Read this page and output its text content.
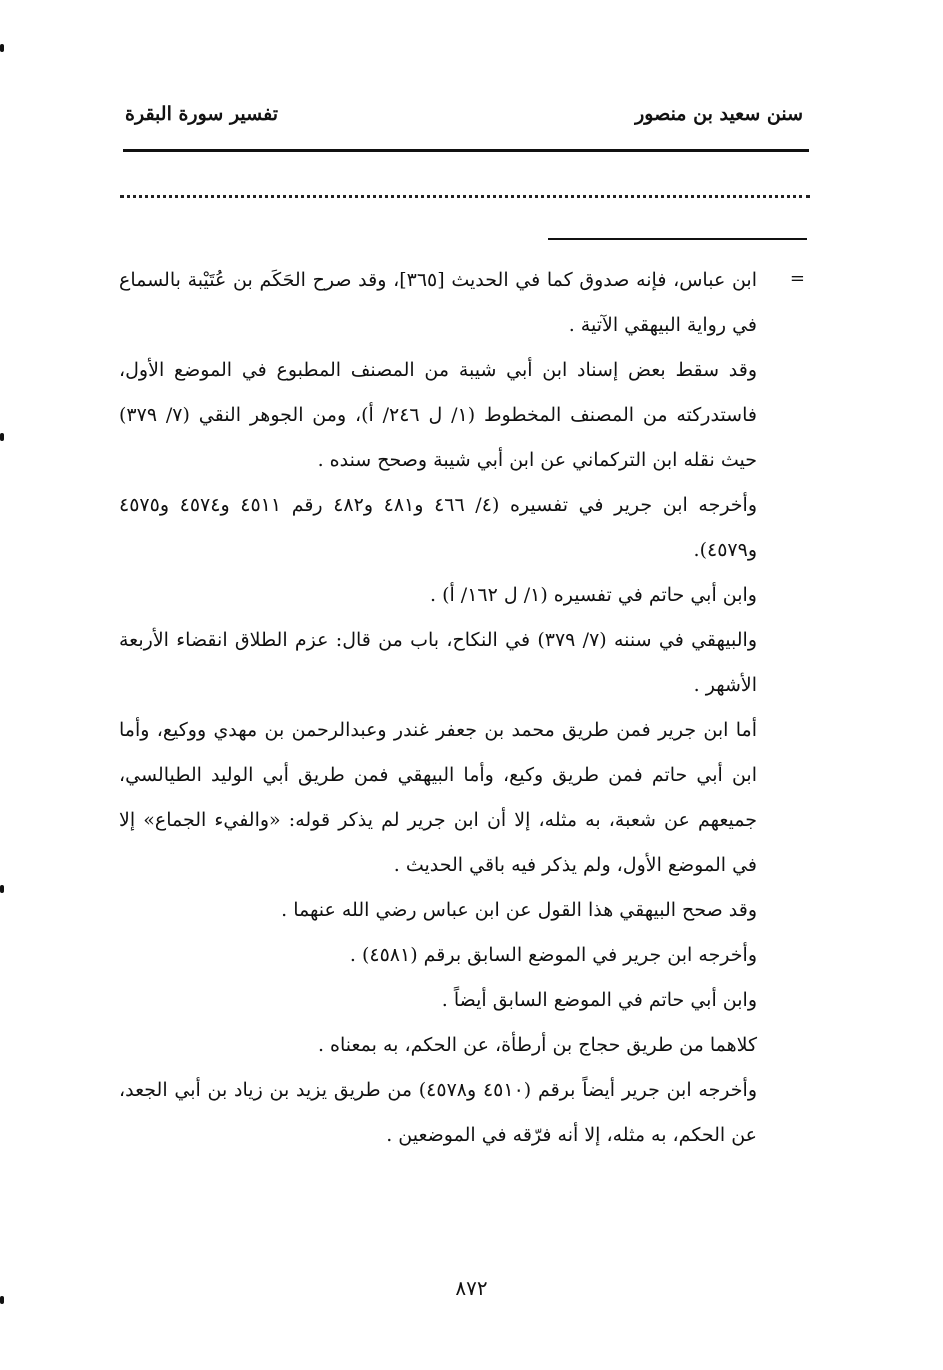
سنن سعيد بن منصور
تفسير سورة البقرة
=

ابن عباس، فإنه صدوق كما في الحديث [٣٦٥]، وقد صرح الحَكَم بن عُتَيْبة بالسماع في رواية البيهقي الآتية .

وقد سقط بعض إسناد ابن أبي شيبة من المصنف المطبوع في الموضع الأول، فاستدركته من المصنف المخطوط (١/ ل ٢٤٦/ أ)، ومن الجوهر النقي (٧/ ٣٧٩) حيث نقله ابن التركماني عن ابن أبي شيبة وصحح سنده .

وأخرجه ابن جرير في تفسيره (٤/ ٤٦٦ و٤٨١ و٤٨٢ رقم ٤٥١١ و٤٥٧٤ و٤٥٧٥ و٤٥٧٩).

وابن أبي حاتم في تفسيره (١/ ل ١٦٢/ أ) .

والبيهقي في سننه (٧/ ٣٧٩) في النكاح، باب من قال: عزم الطلاق انقضاء الأربعة الأشهر .

أما ابن جرير فمن طريق محمد بن جعفر غندر وعبدالرحمن بن مهدي ووكيع، وأما ابن أبي حاتم فمن طريق وكيع، وأما البيهقي فمن طريق أبي الوليد الطيالسي، جميعهم عن شعبة، به مثله، إلا أن ابن جرير لم يذكر قوله: «والفيء الجماع» إلا في الموضع الأول، ولم يذكر فيه باقي الحديث .

وقد صحح البيهقي هذا القول عن ابن عباس رضي الله عنهما .

وأخرجه ابن جرير في الموضع السابق برقم (٤٥٨١) .

وابن أبي حاتم في الموضع السابق أيضاً .

كلاهما من طريق حجاج بن أرطأة، عن الحكم، به بمعناه .

وأخرجه ابن جرير أيضاً برقم (٤٥١٠ و٤٥٧٨) من طريق يزيد بن زياد بن أبي الجعد، عن الحكم، به مثله، إلا أنه فرّقه في الموضعين .

٨٧٢
